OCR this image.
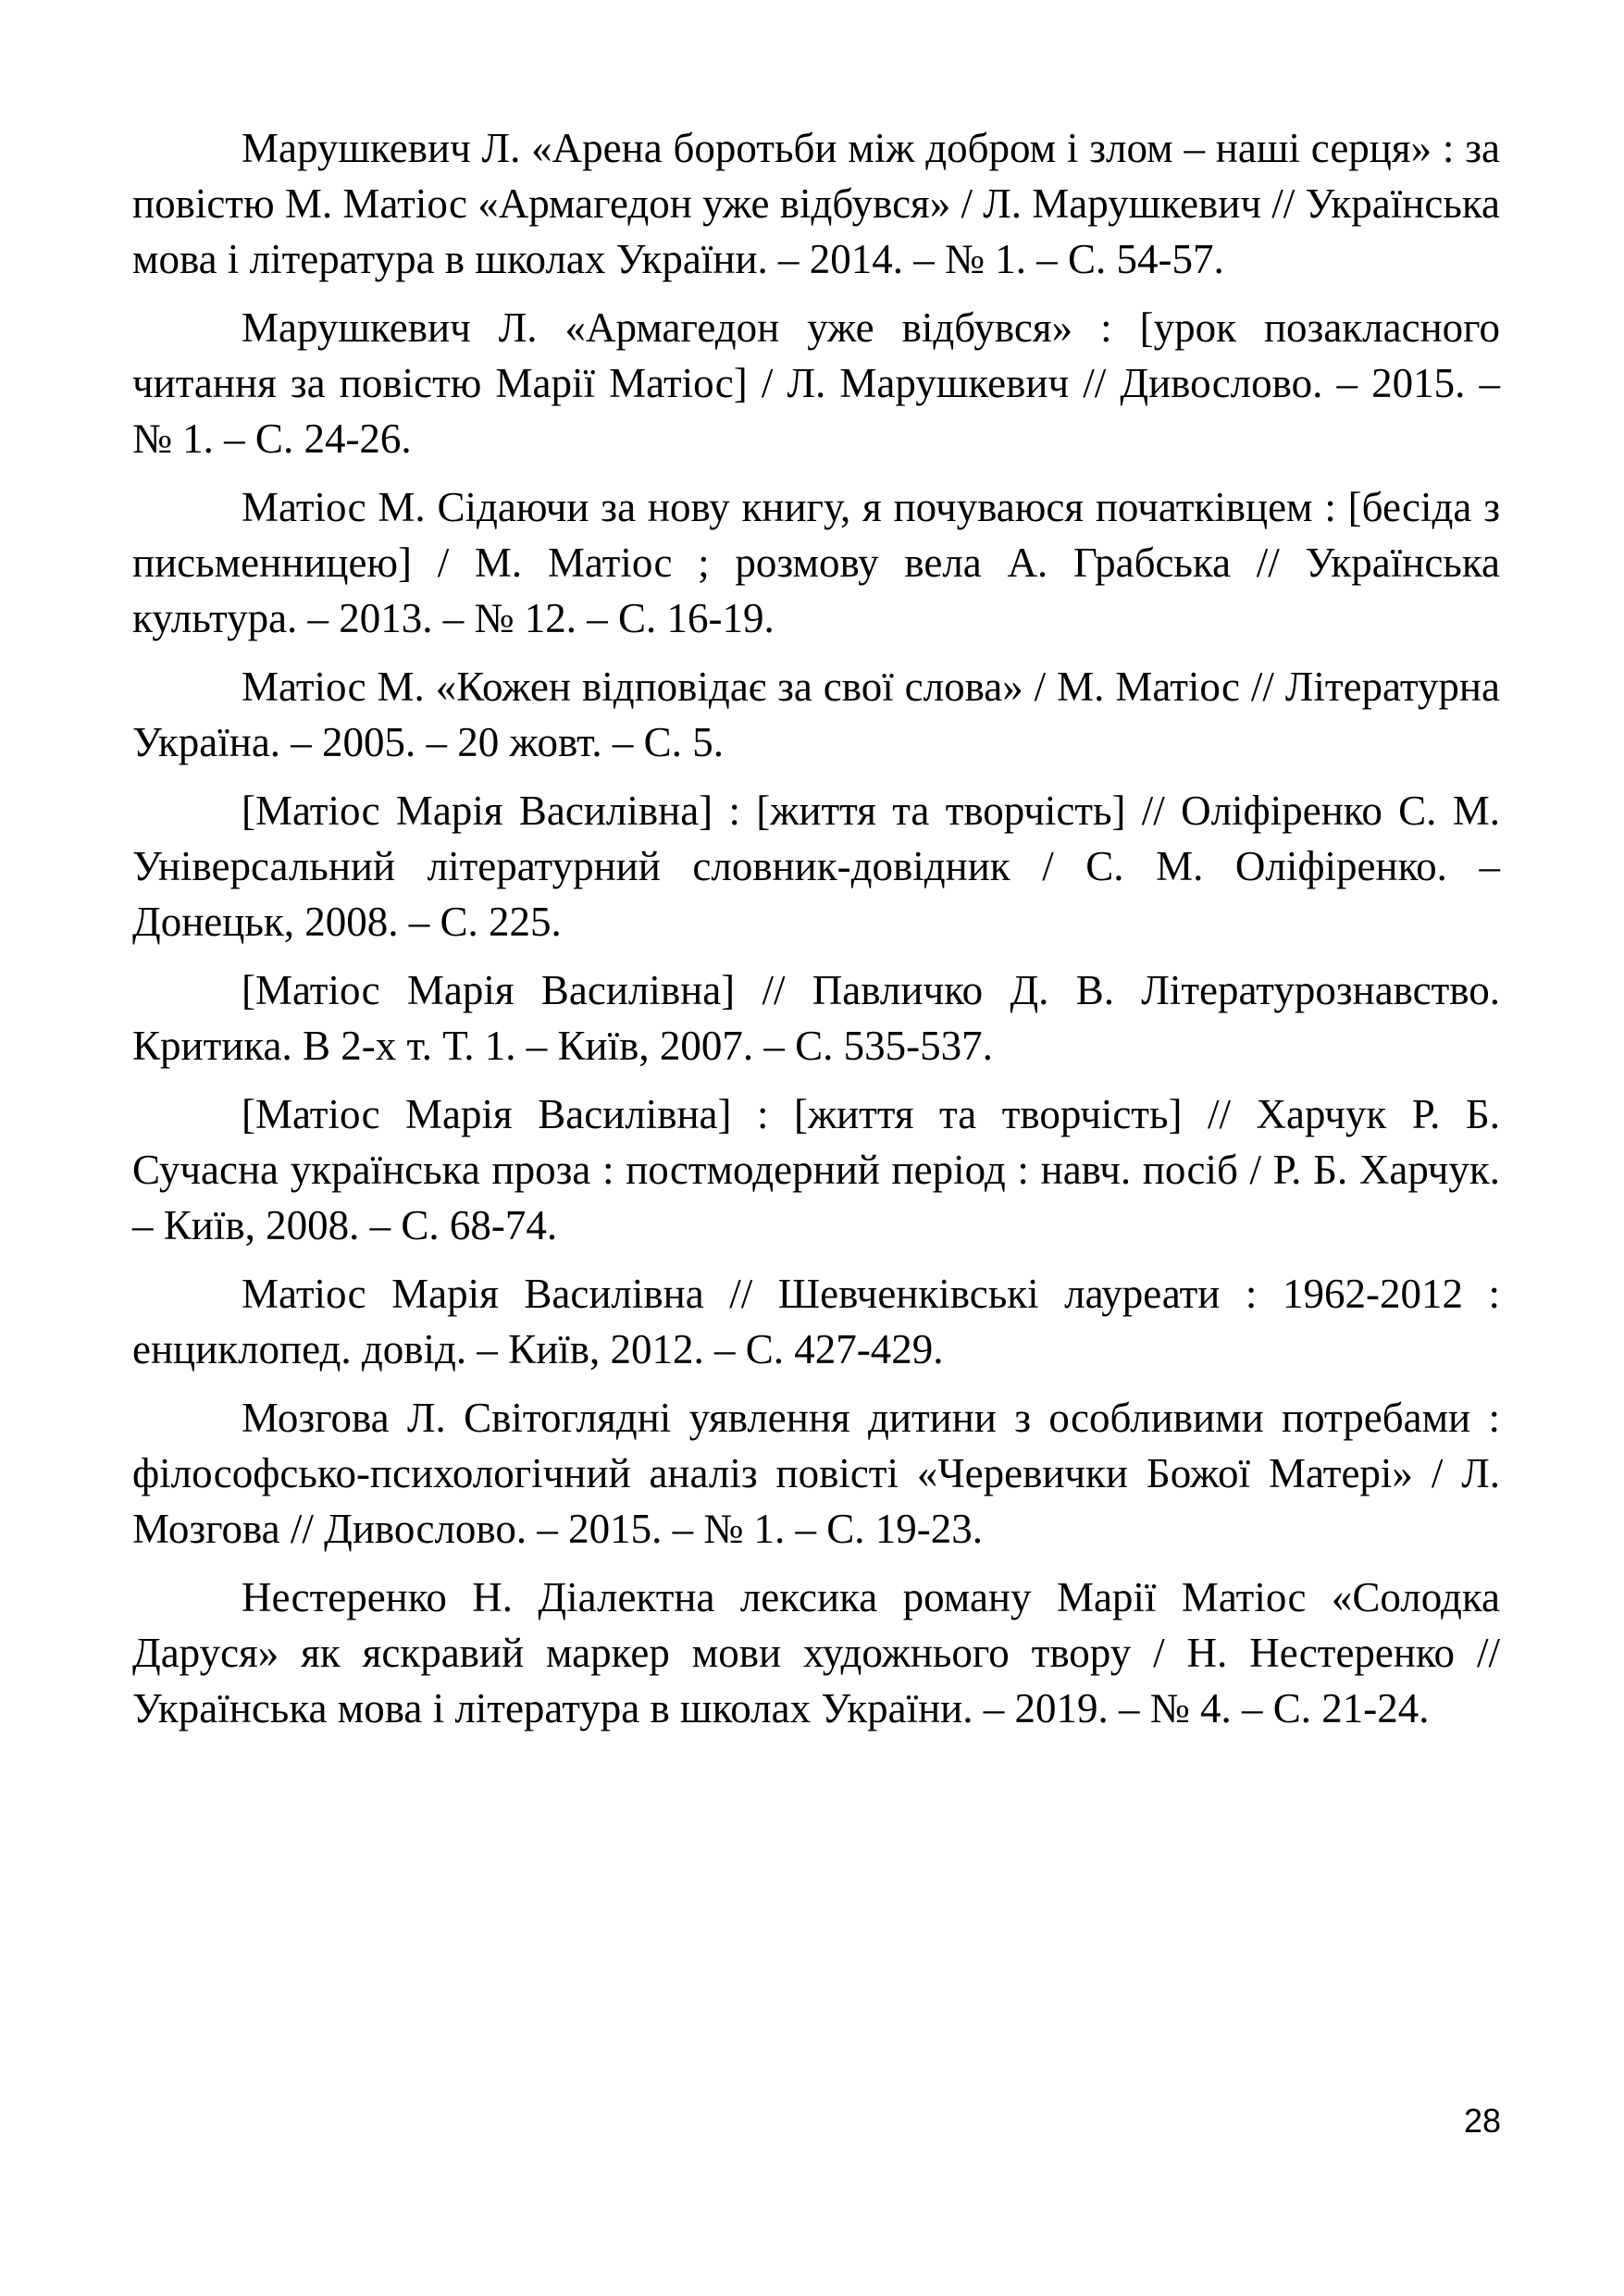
Марушкевич Л. «Арена боротьби між добром і злом – наші серця» : за повістю М. Матіос «Армагедон уже відбувся» / Л. Марушкевич // Українська мова і література в школах України. – 2014. – № 1. – С. 54-57.

Марушкевич Л. «Армагедон уже відбувся» : [урок позакласного читання за повістю Марії Матіос] / Л. Марушкевич // Дивослово. – 2015. – № 1. – С. 24-26.

Матіос М. Сідаючи за нову книгу, я почуваюся початківцем : [бесіда з письменницею] / М. Матіос ; розмову вела А. Грабська // Українська культура. – 2013. – № 12. – С. 16-19.

Матіос М. «Кожен відповідає за свої слова» / М. Матіос // Літературна Україна. – 2005. – 20 жовт. – С. 5.

[Матіос Марія Василівна] : [життя та творчість] // Оліфіренко С. М. Універсальний літературний словник-довідник / С. М. Оліфіренко. – Донецьк, 2008. – С. 225.

[Матіос Марія Василівна] // Павличко Д. В. Літературознавство. Критика. В 2-х т. Т. 1. – Київ, 2007. – С. 535-537.

[Матіос Марія Василівна] : [життя та творчість] // Харчук Р. Б. Сучасна українська проза : постмодерний період : навч. посіб / Р. Б. Харчук. – Київ, 2008. – С. 68-74.

Матіос Марія Василівна // Шевченківські лауреати : 1962-2012 : енциклопед. довід. – Київ, 2012. – С. 427-429.

Мозгова Л. Світоглядні уявлення дитини з особливими потребами : філософсько-психологічний аналіз повісті «Черевички Божої Матері» / Л. Мозгова // Дивослово. – 2015. – № 1. – С. 19-23.

Нестеренко Н. Діалектна лексика роману Марії Матіос «Солодка Даруся» як яскравий маркер мови художнього твору / Н. Нестеренко // Українська мова і література в школах України. – 2019. – № 4. – С. 21-24.

28
